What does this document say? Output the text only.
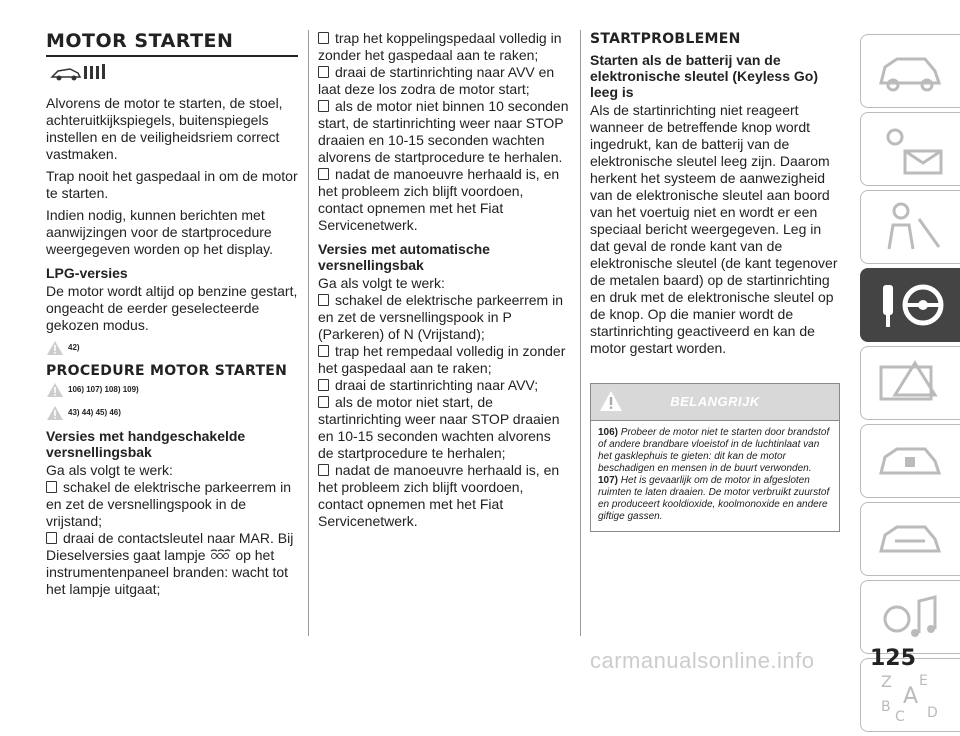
MOTOR STARTEN

Alvorens de motor te starten, de stoel, achteruitkijkspiegels, buitenspiegels instellen en de veiligheidsriem correct vastmaken.

Trap nooit het gaspedaal in om de motor te starten.

Indien nodig, kunnen berichten met aanwijzingen voor de startprocedure weergegeven worden op het display.

LPG-versies

De motor wordt altijd op benzine gestart, ongeacht de eerder geselecteerde gekozen modus.

42)
PROCEDURE MOTOR STARTEN
106) 107) 108) 109)
43) 44) 45) 46)
Versies met handgeschakelde versnellingsbak

Ga als volgt te werk:

schakel de elektrische parkeerrem in en zet de versnellingspook in de vrijstand;
draai de contactsleutel naar MAR. Bij Dieselversies gaat lampje op het instrumentenpaneel branden: wacht tot het lampje uitgaat;
trap het koppelingspedaal volledig in zonder het gaspedaal aan te raken;
draai de startinrichting naar AVV en laat deze los zodra de motor start;
als de motor niet binnen 10 seconden start, de startinrichting weer naar STOP draaien en 10-15 seconden wachten alvorens de startprocedure te herhalen.
nadat de manoeuvre herhaald is, en het probleem zich blijft voordoen, contact opnemen met het Fiat Servicenetwerk.
Versies met automatische versnellingsbak

Ga als volgt te werk:

schakel de elektrische parkeerrem in en zet de versnellingspook in P (Parkeren) of N (Vrijstand);
trap het rempedaal volledig in zonder het gaspedaal aan te raken;
draai de startinrichting naar AVV;
als de motor niet start, de startinrichting weer naar STOP draaien en 10-15 seconden wachten alvorens de startprocedure te herhalen;
nadat de manoeuvre herhaald is, en het probleem zich blijft voordoen, contact opnemen met het Fiat Servicenetwerk.
STARTPROBLEMEN
Starten als de batterij van de elektronische sleutel (Keyless Go) leeg is

Als de startinrichting niet reageert wanneer de betreffende knop wordt ingedrukt, kan de batterij van de elektronische sleutel leeg zijn. Daarom herkent het systeem de aanwezigheid van de elektronische sleutel aan boord van het voertuig niet en wordt er een speciaal bericht weergegeven. Leg in dat geval de ronde kant van de elektronische sleutel (de kant tegenover de metalen baard) op de startinrichting en druk met de elektronische sleutel op de knop. Op die manier wordt de startinrichting geactiveerd en kan de motor gestart worden.

BELANGRIJK
106) Probeer de motor niet te starten door brandstof of andere brandbare vloeistof in de luchtinlaat van het gasklephuis te gieten: dit kan de motor beschadigen en mensen in de buurt verwonden.
107) Het is gevaarlijk om de motor in afgesloten ruimten te laten draaien. De motor verbruikt zuurstof en produceert kooldioxide, koolmonoxide en andere giftige gassen.
Z E
A
B
C D
carmanualsonline.info	125
